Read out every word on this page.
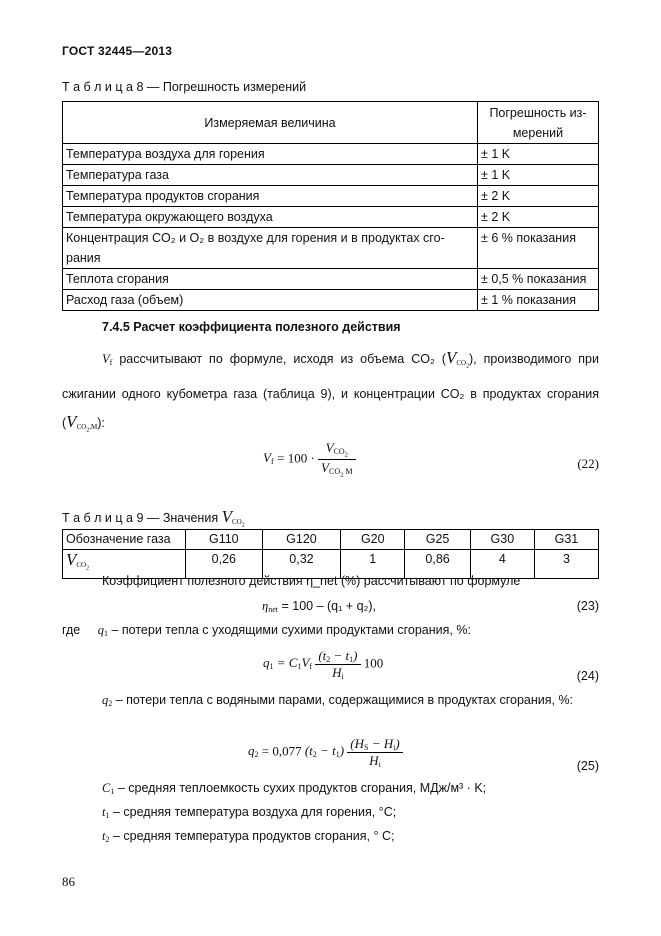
ГОСТ 32445—2013
Т а б л и ц а 8 — Погрешность измерений
Измеряемая величина	Погрешность из-мерений
Температура воздуха для горения	± 1 K
Температура газа	± 1 K
Температура продуктов сгорания	± 2 K
Температура окружающего воздуха	± 2 K
Концентрация CO₂ и O₂ в воздухе для горения и в продуктах сго-рания	± 6 % показания
Теплота сгорания	± 0,5 % показания
Расход газа (объем)	± 1 % показания
7.4.5 Расчет коэффициента полезного действия
$V_f$ рассчитывают по формуле, исходя из объема CO₂ $(V_{CO_2})$, производимого при сжигании одного кубометра газа (таблица 9), и концентрации CO₂ в продуктах сгорания $(V_{CO_2,M})$:
$V_f = 100 \cdot \frac{V_{CO_2}}{V_{CO_2 M}}$	(22)
Т а б л и ц а 9 — Значения $V_{CO_2}$
Обозначение газа	G110	G120	G20	G25	G30	G31
$V_{CO_2}$	0,26	0,32	1	0,86	4	3
Коэффициент полезного действия η_net (%) рассчитывают по формуле
$\eta_{net} = 100 - (q_1 + q_2)$,	(23)
где $q_1$ – потери тепла с уходящими сухими продуктами сгорания, %:
$q_1 = C_1V_f \frac{(t_2 - t_1)}{H_i} 100$
(24)
$q_2$ – потери тепла с водяными парами, содержащимися в продуктах сгорания, %:
$q_2 = 0,077$ $(t_2 - t_1) \frac{(H_S - H_i)}{H_i}$	(25)
$C_1$ – средняя теплоемкость сухих продуктов сгорания, МДж/м³ · K;
$t_1$ – средняя температура воздуха для горения, °C;
$t_2$ – средняя температура продуктов сгорания, ° C;
86
